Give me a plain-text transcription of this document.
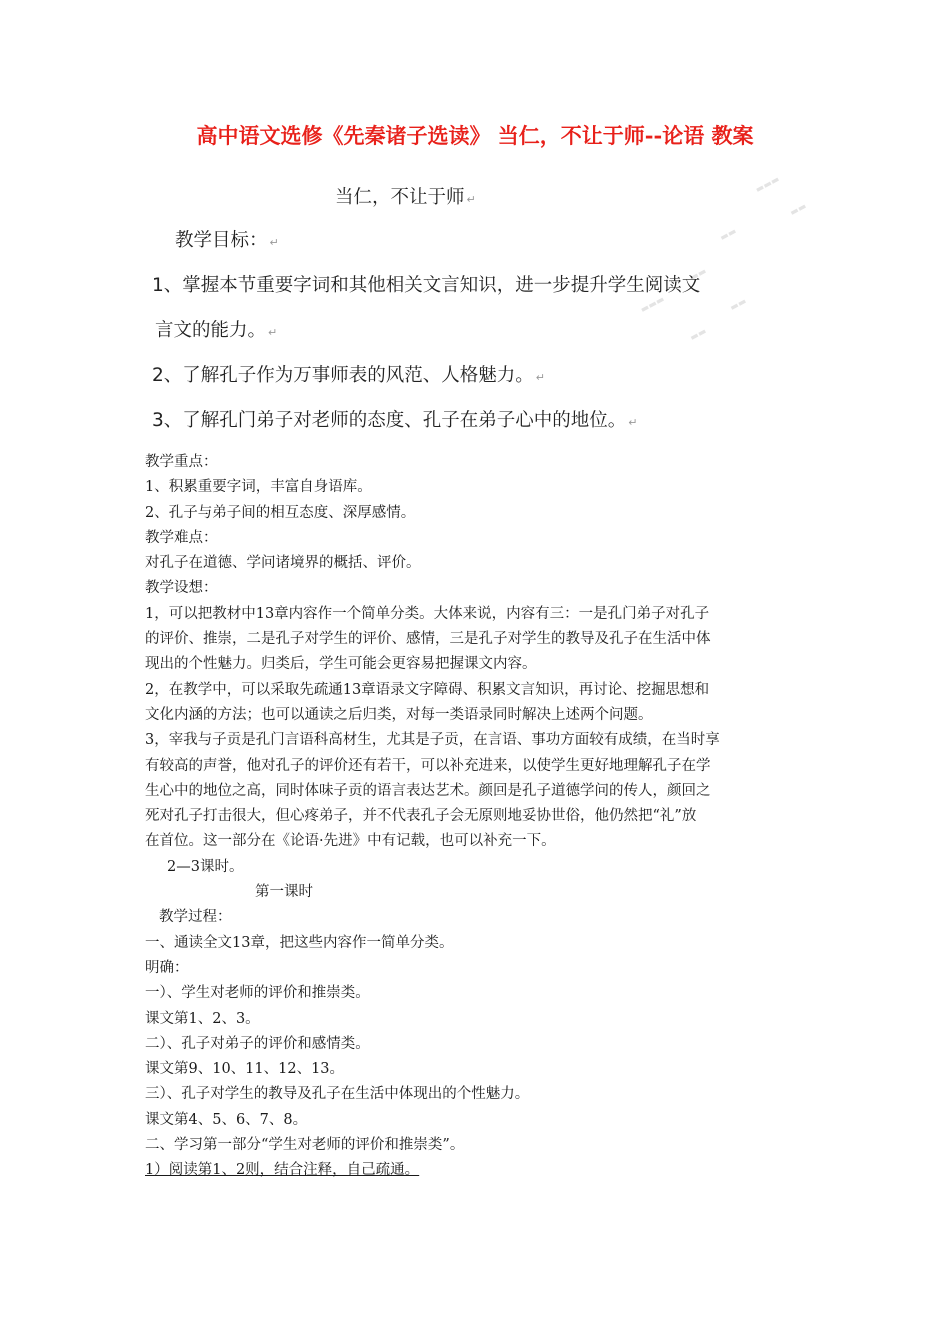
▬▬▬
▬▬
▬▬
▬▬
▬▬▬	▬▬
▬▬
高中语文选修《先秦诸子选读》 当仁，不让于师--论语 教案
当仁，不让于师 ↵
教学目标： ↵
1、掌握本节重要字词和其他相关文言知识，进一步提升学生阅读文
言文的能力。 ↵
2、了解孔子作为万事师表的风范、人格魅力。 ↵
3、了解孔门弟子对老师的态度、孔子在弟子心中的地位。 ↵

教学重点：

1、积累重要字词，丰富自身语库。

2、孔子与弟子间的相互态度、深厚感情。

教学难点：

对孔子在道德、学问诸境界的概括、评价。

教学设想：

1，可以把教材中13章内容作一个简单分类。大体来说，内容有三：一是孔门弟子对孔子

的评价、推崇，二是孔子对学生的评价、感情，三是孔子对学生的教导及孔子在生活中体

现出的个性魅力。归类后，学生可能会更容易把握课文内容。

2，在教学中，可以采取先疏通13章语录文字障碍、积累文言知识，再讨论、挖掘思想和

文化内涵的方法；也可以通读之后归类，对每一类语录同时解决上述两个问题。

3，宰我与子贡是孔门言语科高材生，尤其是子贡，在言语、事功方面较有成绩，在当时享

有较高的声誉，他对孔子的评价还有若干，可以补充进来，以使学生更好地理解孔子在学

生心中的地位之高，同时体味子贡的语言表达艺术。颜回是孔子道德学问的传人，颜回之

死对孔子打击很大，但心疼弟子，并不代表孔子会无原则地妥协世俗，他仍然把“礼”放

在首位。这一部分在《论语·先进》中有记载，也可以补充一下。

2—3课时。

第一课时

教学过程：

一、通读全文13章，把这些内容作一简单分类。

明确：

一）、学生对老师的评价和推崇类。

课文第1、2、3。

二）、孔子对弟子的评价和感情类。

课文第9、10、11、12、13。

三）、孔子对学生的教导及孔子在生活中体现出的个性魅力。

课文第4、5、6、7、8。

二、学习第一部分“学生对老师的评价和推崇类”。

1）阅读第1、2则，结合注释，自己疏通。
